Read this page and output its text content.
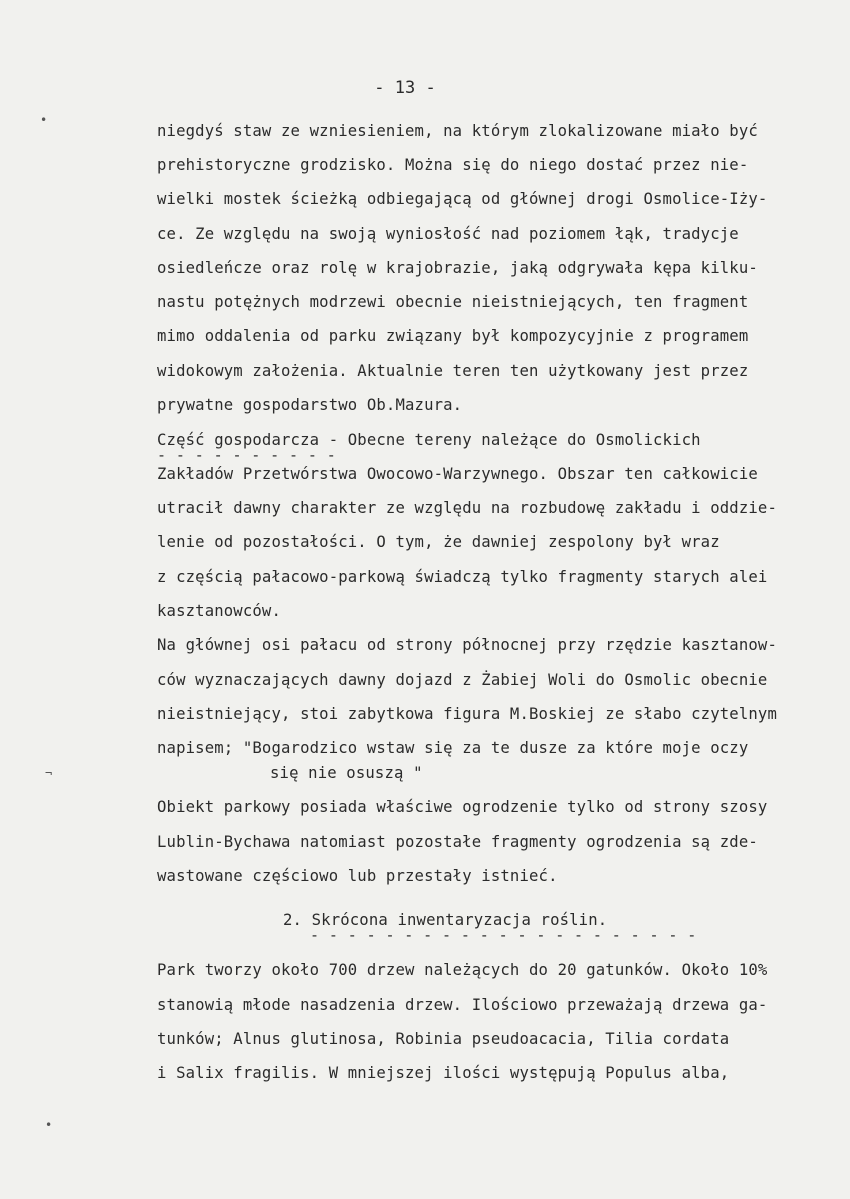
- 13 -
niegdyś staw ze wzniesieniem, na którym zlokalizowane miało być
prehistoryczne grodzisko. Można się do niego dostać przez nie-
wielki mostek ścieżką odbiegającą od głównej drogi Osmolice-Iży-
ce. Ze względu na swoją wyniosłość nad poziomem łąk, tradycje
osiedleńcze oraz rolę w krajobrazie, jaką odgrywała kępa kilku-
nastu potężnych modrzewi obecnie nieistniejących, ten fragment
mimo oddalenia od parku związany był kompozycyjnie z programem
widokowym założenia. Aktualnie teren ten użytkowany jest przez
prywatne gospodarstwo Ob.Mazura.
Część gospodarcza - Obecne tereny należące do Osmolickich
- - - - - - - - - -
Zakładów Przetwórstwa Owocowo-Warzywnego. Obszar ten całkowicie
utracił dawny charakter ze względu na rozbudowę zakładu i oddzie-
lenie od pozostałości. O tym, że dawniej zespolony był wraz
z częścią pałacowo-parkową świadczą tylko fragmenty starych alei
kasztanowców.
Na głównej osi pałacu od strony północnej przy rzędzie kasztanow-
ców wyznaczających dawny dojazd z Żabiej Woli do Osmolic obecnie
nieistniejący, stoi zabytkowa figura M.Boskiej ze słabo czytelnym
napisem; "Bogarodzico wstaw się za te dusze za które moje oczy
się nie osuszą "
Obiekt parkowy posiada właściwe ogrodzenie tylko od strony szosy
Lublin-Bychawa natomiast pozostałe fragmenty ogrodzenia są zde-
wastowane częściowo lub przestały istnieć.
2. Skrócona inwentaryzacja roślin.
- - - - - - - - - - - - - - - - - - - - -
Park tworzy około 700 drzew należących do 20 gatunków. Około 10%
stanowią młode nasadzenia drzew. Ilościowo przeważają drzewa ga-
tunków; Alnus glutinosa, Robinia pseudoacacia, Tilia cordata
i Salix fragilis. W mniejszej ilości występują Populus alba,
•
¬
•
